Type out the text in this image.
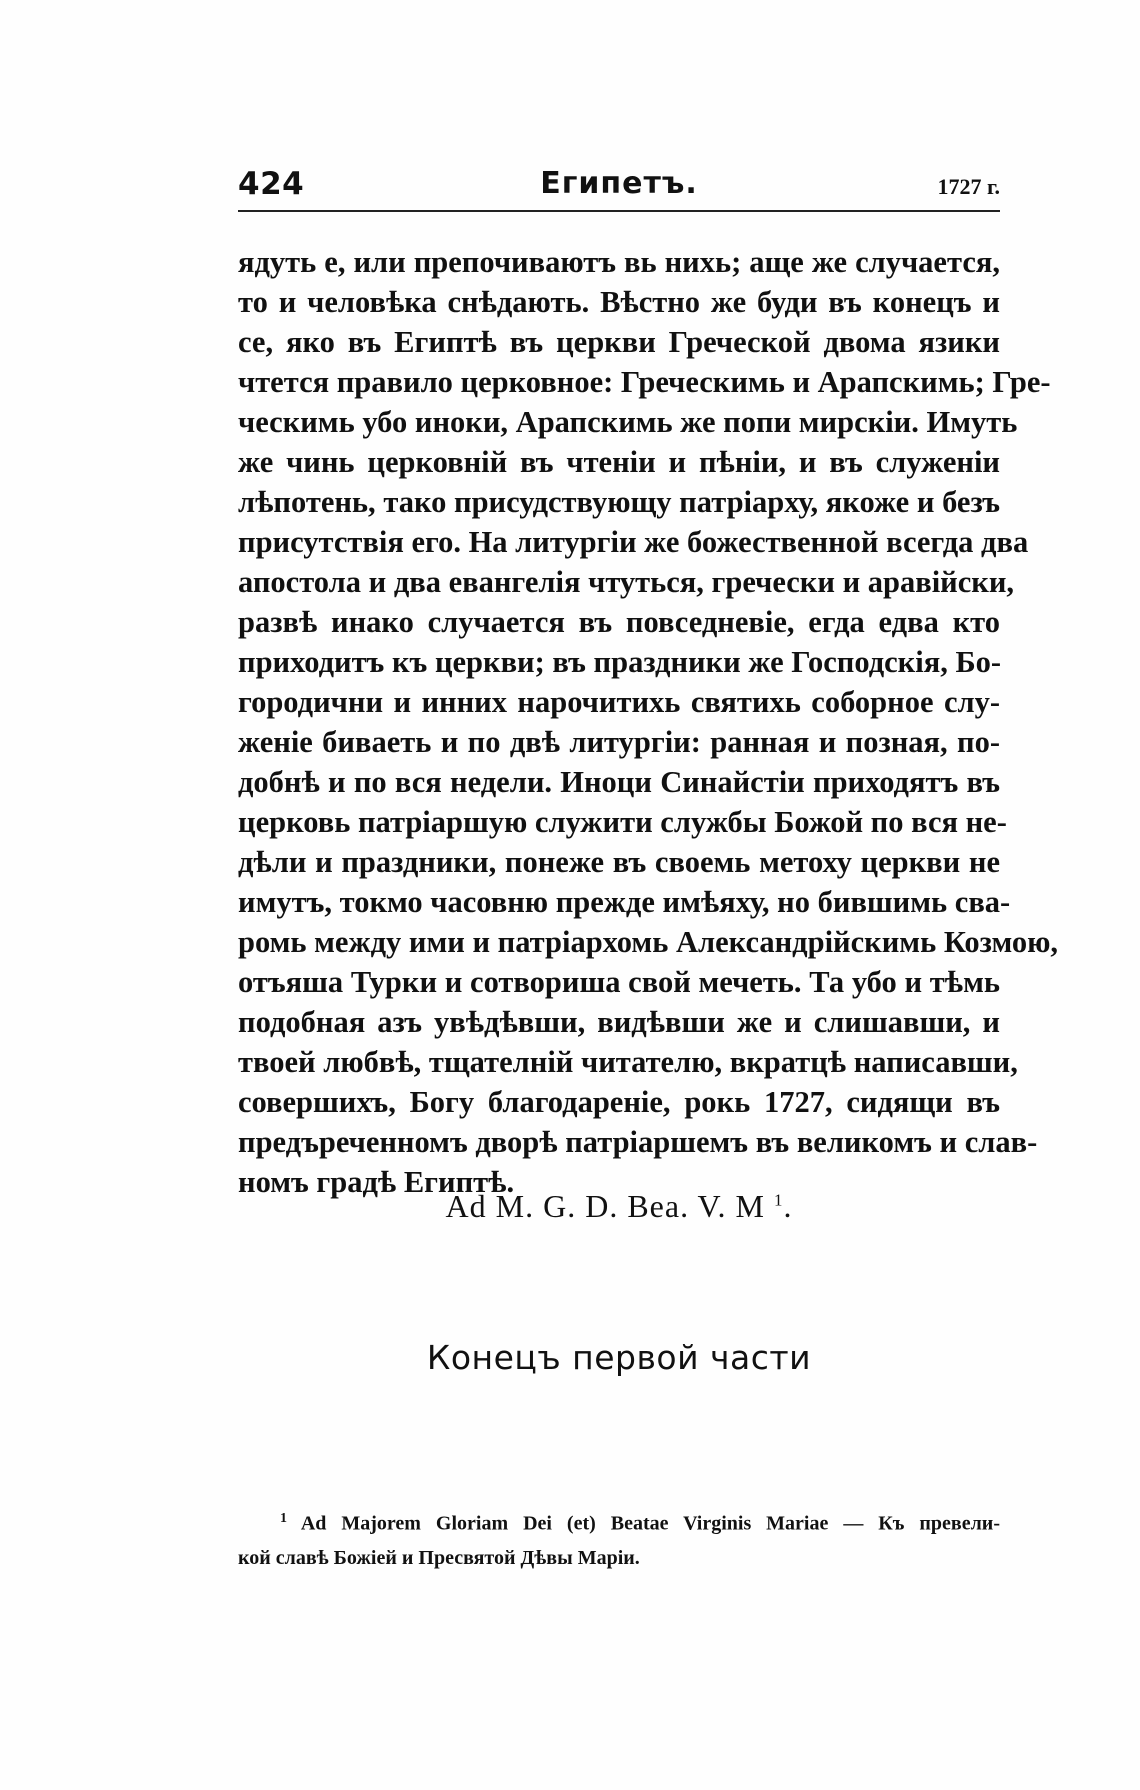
424	Египетъ.	1727 г.
ядуть е, или препочиваютъ вь нихь; аще же случается,
то и человѣка снѣдають. Вѣстно же буди въ конецъ и
се, яко въ Египтѣ въ церкви Греческой двома язики
чтется правило церковное: Греческимь и Арапскимь; Гре-
ческимь убо иноки, Арапскимь же попи мирскіи. Имуть
же чинь церковній въ чтеніи и пѣніи, и въ служеніи
лѣпотень, тако присудствующу патріарху, якоже и безъ
присутствія его. На литургіи же божественной всегда два
апостола и два евангелія чтуться, гречески и аравійски,
развѣ инако случается въ повседневіе, егда едва кто
приходитъ къ церкви; въ праздники же Господскія, Бо-
городични и инних нарочитихь святихь соборное слу-
женіе биваеть и по двѣ литургіи: ранная и позная, по-
добнѣ и по вся недели. Иноци Синайстіи приходятъ въ
церковь патріаршую служити службы Божой по вся не-
дѣли и праздники, понеже въ своемь метоху церкви не
имутъ, токмо часовню прежде имѣяху, но бившимь сва-
ромь между ими и патріархомь Александрійскимь Козмою,
отъяша Турки и сотвориша свой мечеть. Та убо и тѣмь
подобная азъ увѣдѣвши, видѣвши же и слишавши, и
твоей любвѣ, тщателній читателю, вкратцѣ написавши,
совершихъ, Богу благодареніе, рокь 1727, сидящи въ
предъреченномъ дворѣ патріаршемъ въ великомъ и слав-
номъ градѣ Египтѣ.
Ad M. G. D. Bea. V. M $^1$.
Конецъ первой части
$^1$ Ad Majorem Gloriam Dei (et) Beatae Virginis Mariae — Къ превели-
кой славѣ Божіей и Пресвятой Дѣвы Маріи.
